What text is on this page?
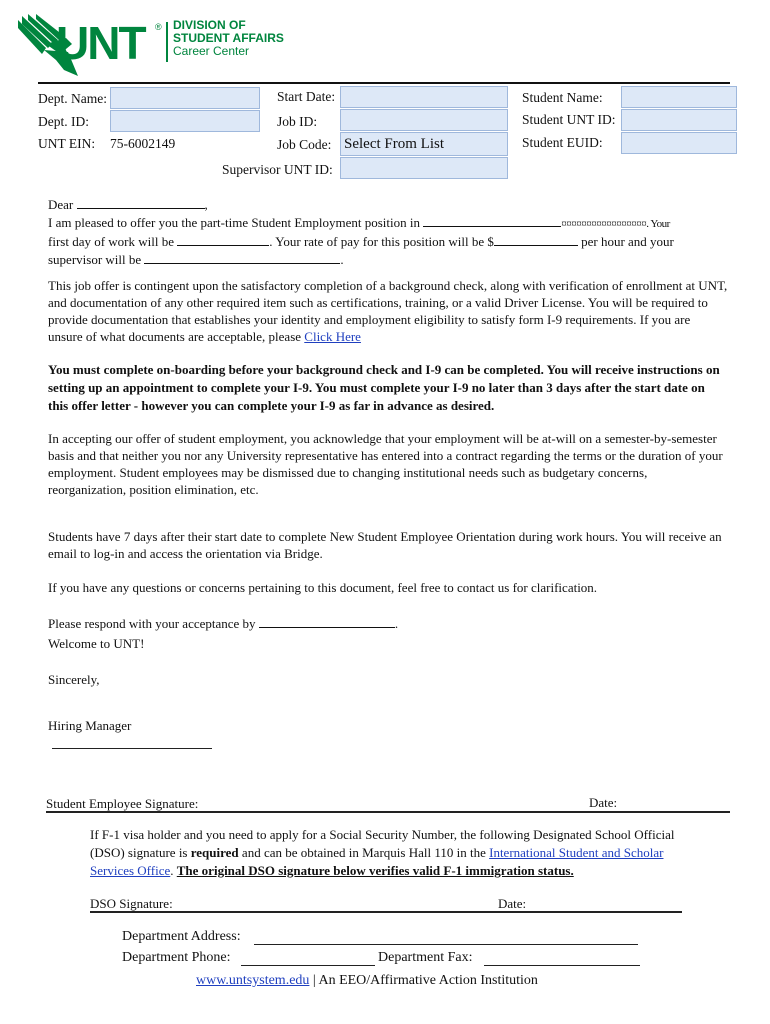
UNT ® DIVISION OF
STUDENT AFFAIRS
Career Center
Dept. Name:
Dept. ID:
UNT EIN: 75-6002149
Start Date:
Job ID:
Job Code: Select From List
Supervisor UNT ID:
Student Name:
Student UNT ID:
Student EUID:

Dear	,

I am pleased to offer you the part-time Student Employment position in	¤¤¤¤¤¤¤¤¤¤¤¤¤¤¤¤¤. Your

first day of work will be	. Your rate of pay for this position will be $	per hour and your

supervisor will be	.

This job offer is contingent upon the satisfactory completion of a background check, along with verification of enrollment at UNT, and documentation of any other required item such as certifications, training, or a valid Driver License. You will be required to provide documentation that establishes your identity and employment eligibility to satisfy form I-9 requirements. If you are unsure of what documents are acceptable, please Click Here

You must complete on-boarding before your background check and I-9 can be completed. You will receive instructions on setting up an appointment to complete your I-9. You must complete your I-9 no later than 3 days after the start date on this offer letter - however you can complete your I-9 as far in advance as desired.
In accepting our offer of student employment, you acknowledge that your employment will be at-will on a semester-by-semester basis and that neither you nor any University representative has entered into a contract regarding the terms or the duration of your employment. Student employees may be dismissed due to changing institutional needs such as budgetary concerns, reorganization, position elimination, etc.
Students have 7 days after their start date to complete New Student Employee Orientation during work hours. You will receive an email to log-in and access the orientation via Bridge.
If you have any questions or concerns pertaining to this document, feel free to contact us for clarification.

Please respond with your acceptance by	.

Welcome to UNT!

Sincerely,
Hiring Manager
Student Employee Signature:	Date:
If F-1 visa holder and you need to apply for a Social Security Number, the following Designated School Official (DSO) signature is required and can be obtained in Marquis Hall 110 in the International Student and Scholar Services Office. The original DSO signature below verifies valid F-1 immigration status.
DSO Signature:	Date:
Department Address:
Department Phone:	Department Fax:
www.untsystem.edu | An EEO/Affirmative Action Institution
